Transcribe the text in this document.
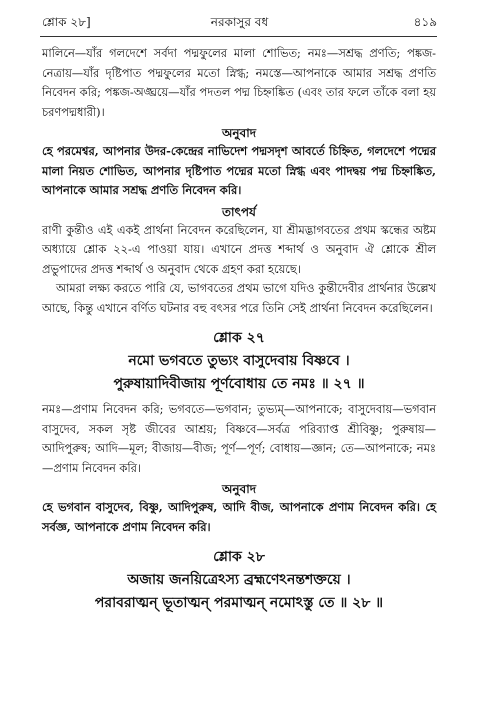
শ্লোক ২৮]	নরকাসুর বধ	৪১৯

মালিনে—যাঁর গলদেশে সর্বদা পদ্মফুলের মালা শোভিত; নমঃ—সশ্রদ্ধ প্রণতি; পঙ্কজ-নেত্রায়—যাঁর দৃষ্টিপাত পদ্মফুলের মতো স্নিগ্ধ; নমস্তে—আপনাকে আমার সশ্রদ্ধ প্রণতি নিবেদন করি; পঙ্কজ-অঙ্ঘ্রয়ে—যাঁর পদতল পদ্ম চিহ্নাঙ্কিত (এবং তার ফলে তাঁকে বলা হয় চরণপদ্মধারী)।

অনুবাদ

হে পরমেশ্বর, আপনার উদর-কেন্দ্রের নাভিদেশ পদ্মসদৃশ আবর্তে চিহ্নিত, গলদেশে পদ্মের মালা নিয়ত শোভিত, আপনার দৃষ্টিপাত পদ্মের মতো স্নিগ্ধ এবং পাদদ্বয় পদ্ম চিহ্নাঙ্কিত, আপনাকে আমার সশ্রদ্ধ প্রণতি নিবেদন করি।

তাৎপর্য

রাণী কুন্তীও এই একই প্রার্থনা নিবেদন করেছিলেন, যা শ্রীমদ্ভাগবতের প্রথম স্কন্ধের অষ্টম অধ্যায়ে শ্লোক ২২-এ পাওয়া যায়। এখানে প্রদত্ত শব্দার্থ ও অনুবাদ ঐ শ্লোকে শ্রীল প্রভুপাদের প্রদত্ত শব্দার্থ ও অনুবাদ থেকে গ্রহণ করা হয়েছে।

আমরা লক্ষ্য করতে পারি যে, ভাগবতের প্রথম ভাগে যদিও কুন্তীদেবীর প্রার্থনার উল্লেখ আছে, কিন্তু এখানে বর্ণিত ঘটনার বহু বৎসর পরে তিনি সেই প্রার্থনা নিবেদন করেছিলেন।

শ্লোক ২৭

নমো ভগবতে তুভ্যং বাসুদেবায় বিষ্ণবে ।

পুরুষায়াদিবীজায় পূর্ণবোধায় তে নমঃ ॥ ২৭ ॥

নমঃ—প্রণাম নিবেদন করি; ভগবতে—ভগবান; তুভ্যম্—আপনাকে; বাসুদেবায়—ভগবান বাসুদেব, সকল সৃষ্ট জীবের আশ্রয়; বিষ্ণবে—সর্বত্র পরিব্যাপ্ত শ্রীবিষ্ণু; পুরুষায়—আদিপুরুষ; আদি—মূল; বীজায়—বীজ; পূর্ণ—পূর্ণ; বোধায়—জ্ঞান; তে—আপনাকে; নমঃ—প্রণাম নিবেদন করি।

অনুবাদ

হে ভগবান বাসুদেব, বিষ্ণু, আদিপুরুষ, আদি বীজ, আপনাকে প্রণাম নিবেদন করি। হে সর্বজ্ঞ, আপনাকে প্রণাম নিবেদন করি।

শ্লোক ২৮

অজায় জনয়িত্রেঽস্য ব্রহ্মণেঽনন্তশক্তয়ে ।

পরাবরাত্মন্ ভূতাত্মন্ পরমাত্মন্ নমোঽস্তু তে ॥ ২৮ ॥
